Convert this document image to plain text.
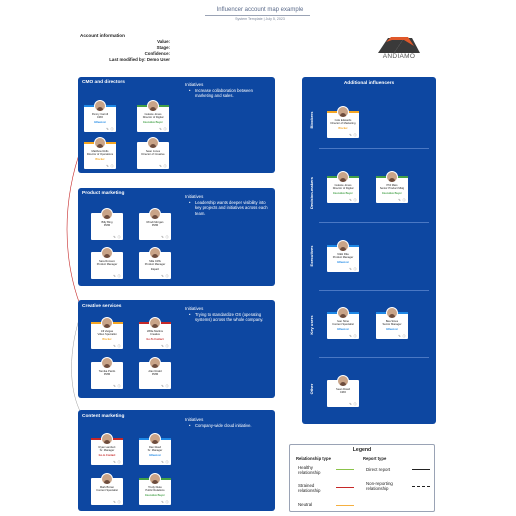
Influencer account map example
System Template | July 5, 2023
Account information
Value:
Stage:
Confidence:
Last modified by: Demo User	ANDIAMO
CMO and directors	Initiatives
• Increase collaboration between marketing and sales.
Penny Carroll
CMO
Influencer
✎ ⓘ
Celeste Jones
Director of Digital
Executive Buyer
✎ ⓘ
Matthew Rolls
Director of Operations
Blocker
✎ ⓘ
Sean Jones
Director of Creative
✎ ⓘ
Product marketing
Initiatives
• Leadership wants deeper visibility into key projects and initiatives across each team.
Billy Bing
PMM
✎ ⓘ
Rhodi Morgan
PMM
✎ ⓘ
Sara Romero
Product Manager
✎ ⓘ
Mila Cliffs
Product Manager
Expert
✎ ⓘ
Creative services	Initiatives
• Trying to standardize OS (operating systems) across the whole company.
Jill Vargas
Video Specialist
Blocker
✎ ⓘ
Willie Martins
Creative
Go-To Contact
✎ ⓘ
Tamika Pardo
PMM
✎ ⓘ
Alan Roald
PMM
✎ ⓘ
Content marketing
Initiatives
• Company-wide cloud initiative.
Ryan Lambert
Sr. Manager
Go-to Contact
✎ ⓘ
Dan Reed
Sr. Manager
Influencer
✎ ⓘ
Mark Brown
Content Specialist
✎ ⓘ
Trudy Duke
Public Relations
Executive Buyer
✎ ⓘ
Additional influencers
Blockers
Decision-makers
Executives
Key users
Other
Cole Edwards
Director of Marketing
Blocker
✎ ⓘ
Celeste Jones
Director of Digital
Executive Buyer
✎ ⓘ
Phil Maio
Senior Product Mktg
Executive Buyer
✎ ⓘ
Nikki Rita
Product Manager
Influencer
✎ ⓘ
Ivan Stine
Content Specialist
Influencer
✎ ⓘ
Bea Sines
Senior Manager
Influencer
✎ ⓘ
Sean Dowd
CMO
✎ ⓘ
Legend
Relationship type	Report type
Healthy relationship
Strained relationship
Neutral
Direct report
Non-reporting relationship
